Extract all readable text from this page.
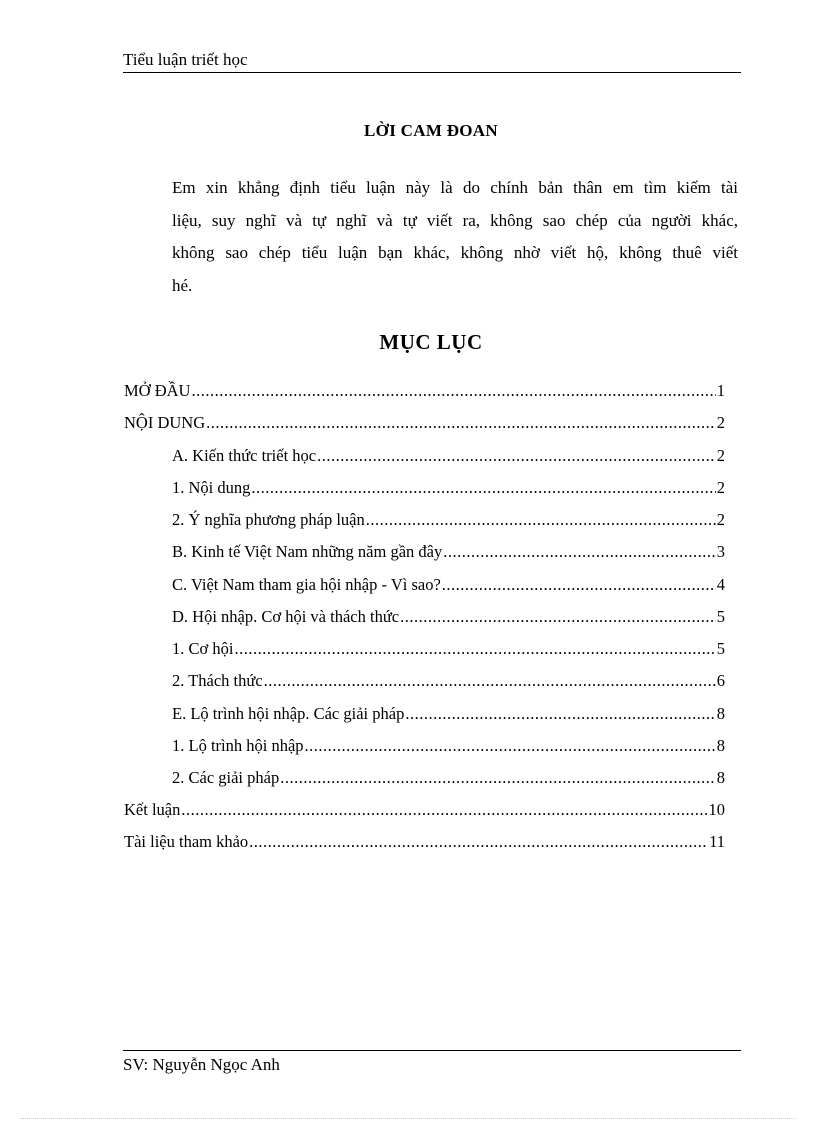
Tiểu luận triết học
LỜI CAM ĐOAN
Em xin khẳng định tiểu luận này là do chính bản thân em tìm kiếm tài
liệu, suy nghĩ và tự nghĩ và tự viết ra, không sao chép của người khác,
không sao chép tiểu luận bạn khác, không nhờ viết hộ, không thuê viết
hé.
MỤC LỤC
MỞ ĐẦU .....	1
NỘI DUNG .....	2
A. Kiến thức triết học .....	2
1. Nội dung .....	2
2. Ý nghĩa phương pháp luận .....	2
B. Kinh tế Việt Nam những năm gần đây .....	3
C. Việt Nam tham gia hội nhập - Vì sao? .....	4
D. Hội nhập. Cơ hội và thách thức .....	5
1. Cơ hội .....	5
2. Thách thức .....	6
E. Lộ trình hội nhập. Các giải pháp .....	8
1. Lộ trình hội nhập .....	8
2. Các giải pháp .....	8
Kết luận .....	10
Tài liệu tham khảo .....	11
SV: Nguyễn Ngọc Anh
